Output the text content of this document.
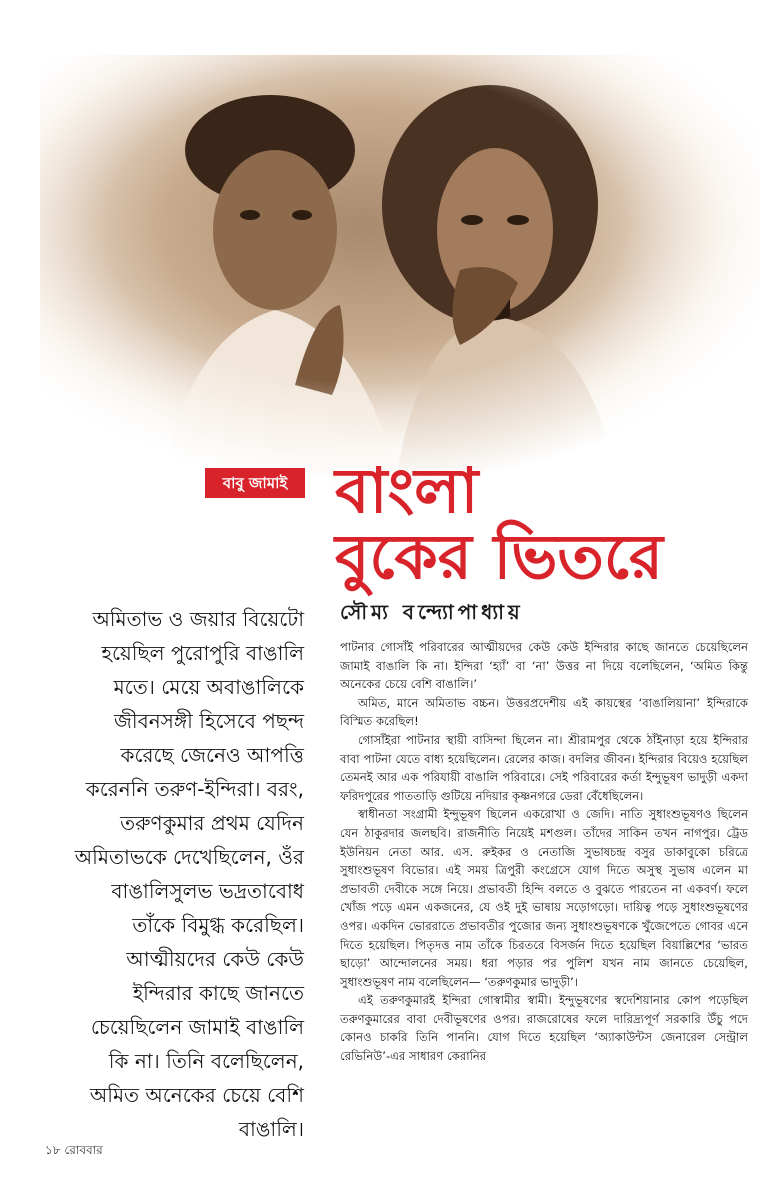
বাবু জামাই বাংলা
বুকের ভিতরে
সৌম্য বন্দ্যোপাধ্যায়
অমিতাভ ও জয়ার বিয়েটো হয়েছিল পুরোপুরি বাঙালি মতে। মেয়ে অবাঙালিকে জীবনসঙ্গী হিসেবে পছন্দ করেছে জেনেও আপত্তি করেননি তরুণ-ইন্দিরা। বরং, তরুণকুমার প্রথম যেদিন অমিতাভকে দেখেছিলেন, ওঁর বাঙালিসুলভ ভদ্রতাবোধ তাঁকে বিমুগ্ধ করেছিল। আত্মীয়দের কেউ কেউ ইন্দিরার কাছে জানতে চেয়েছিলেন জামাই বাঙালি কি না। তিনি বলেছিলেন, অমিত অনেকের চেয়ে বেশি বাঙালি।

পাটনার গোসাঁই পরিবারের আত্মীয়দের কেউ কেউ ইন্দিরার কাছে জানতে চেয়েছিলেন জামাই বাঙালি কি না। ইন্দিরা ‘হ্যাঁ’ বা ‘না’ উত্তর না দিয়ে বলেছিলেন, ‘অমিত কিন্তু অনেকের চেয়ে বেশি বাঙালি।’

অমিত, মানে অমিতাভ বচ্চন। উত্তরপ্রদেশীয় এই কায়স্থের ‘বাঙালিয়ানা’ ইন্দিরাকে বিস্মিত করেছিল!

গোসাঁইরা পাটনার স্থায়ী বাসিন্দা ছিলেন না। শ্রীরামপুর থেকে ঠাঁইনাড়া হয়ে ইন্দিরার বাবা পাটনা যেতে বাধ্য হয়েছিলেন। রেলের কাজ। বদলির জীবন। ইন্দিরার বিয়েও হয়েছিল তেমনই আর এক পরিযায়ী বাঙালি পরিবারে। সেই পরিবারের কর্তা ইন্দুভূষণ ভাদুড়ী একদা ফরিদপুরের পাততাড়ি গুটিয়ে নদিয়ার কৃষ্ণনগরে ডেরা বেঁধেছিলেন।

স্বাধীনতা সংগ্রামী ইন্দুভূষণ ছিলেন একরোখা ও জেদি। নাতি সুধাংশুভূষণও ছিলেন যেন ঠাকুরদার জলছবি। রাজনীতি নিয়েই মশগুল। তাঁদের সাকিন তখন নাগপুর। ট্রেড ইউনিয়ন নেতা আর. এস. রুইকর ও নেতাজি সুভাষচন্দ্র বসুর ডাকাবুকো চরিত্রে সুধাংশুভূষণ বিভোর। এই সময় ত্রিপুরী কংগ্রেসে যোগ দিতে অসুস্থ সুভাষ এলেন মা প্রভাবতী দেবীকে সঙ্গে নিয়ে। প্রভাবতী হিন্দি বলতে ও বুঝতে পারতেন না একবর্ণ। ফলে খোঁজ পড়ে এমন একজনের, যে ওই দুই ভাষায় সড়োগড়ো। দায়িত্ব পড়ে সুধাংশুভূষণের ওপর। একদিন ভোররাতে প্রভাবতীর পুজোর জন্য সুধাংশুভূষণকে খুঁজেপেতে গোবর এনে দিতে হয়েছিল। পিতৃদত্ত নাম তাঁকে চিরতরে বিসর্জন দিতে হয়েছিল বিয়াল্লিশের ‘ভারত ছাড়ো’ আন্দোলনের সময়। ধরা পড়ার পর পুলিশ যখন নাম জানতে চেয়েছিল, সুধাংশুভূষণ নাম বলেছিলেন— ‘তরুণকুমার ভাদুড়ী’।

এই তরুণকুমারই ইন্দিরা গোস্বামীর স্বামী। ইন্দুভূষণের স্বদেশিয়ানার কোপ পড়েছিল তরুণকুমারের বাবা দেবীভূষণের ওপর। রাজরোষের ফলে দারিদ্র্যপূর্ণ সরকারি উঁচু পদে কোনও চাকরি তিনি পাননি। যোগ দিতে হয়েছিল ‘অ্যাকাউন্টস জেনারেল সেন্ট্রাল রেভিনিউ’-এর সাধারণ কেরানির

১৮ রোববার
